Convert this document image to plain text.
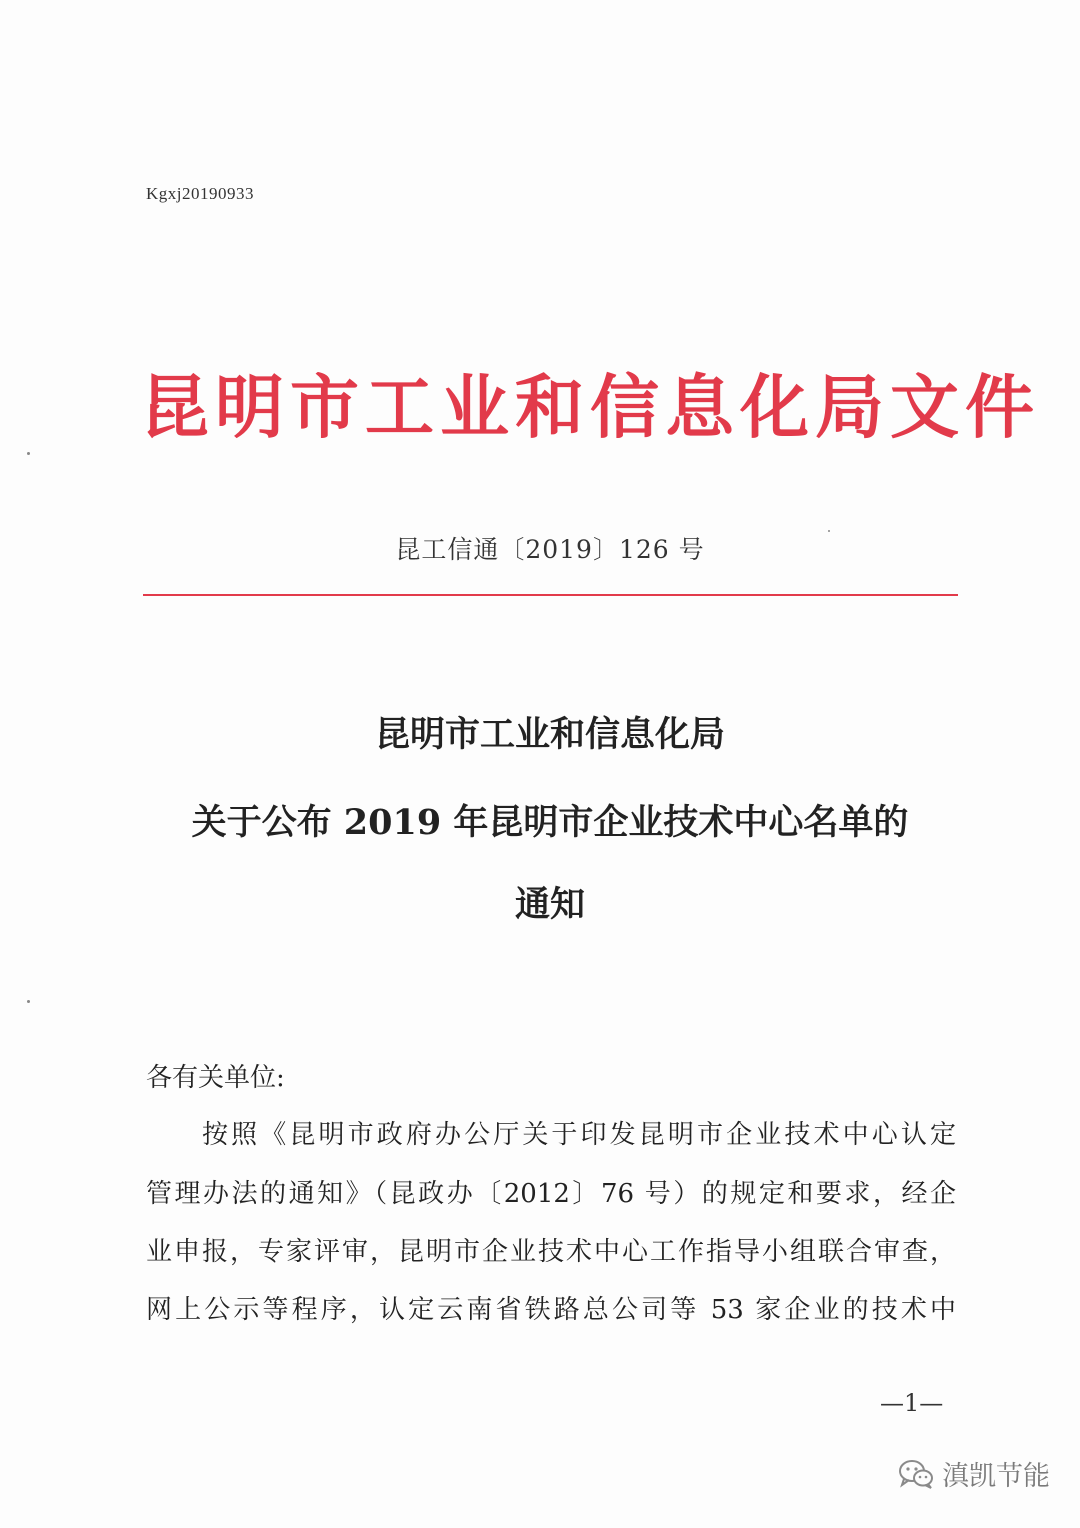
Kgxj20190933
昆明市工业和信息化局文件
昆工信通〔2019〕126 号
昆明市工业和信息化局
关于公布 2019 年昆明市企业技术中心名单的
通知
各有关单位:
按照《昆明市政府办公厅关于印发昆明市企业技术中心认定
管理办法的通知》（昆政办〔2012〕76 号）的规定和要求，经企
业申报，专家评审，昆明市企业技术中心工作指导小组联合审查，
网上公示等程序，认定云南省铁路总公司等 53 家企业的技术中
—1—
滇凯节能
